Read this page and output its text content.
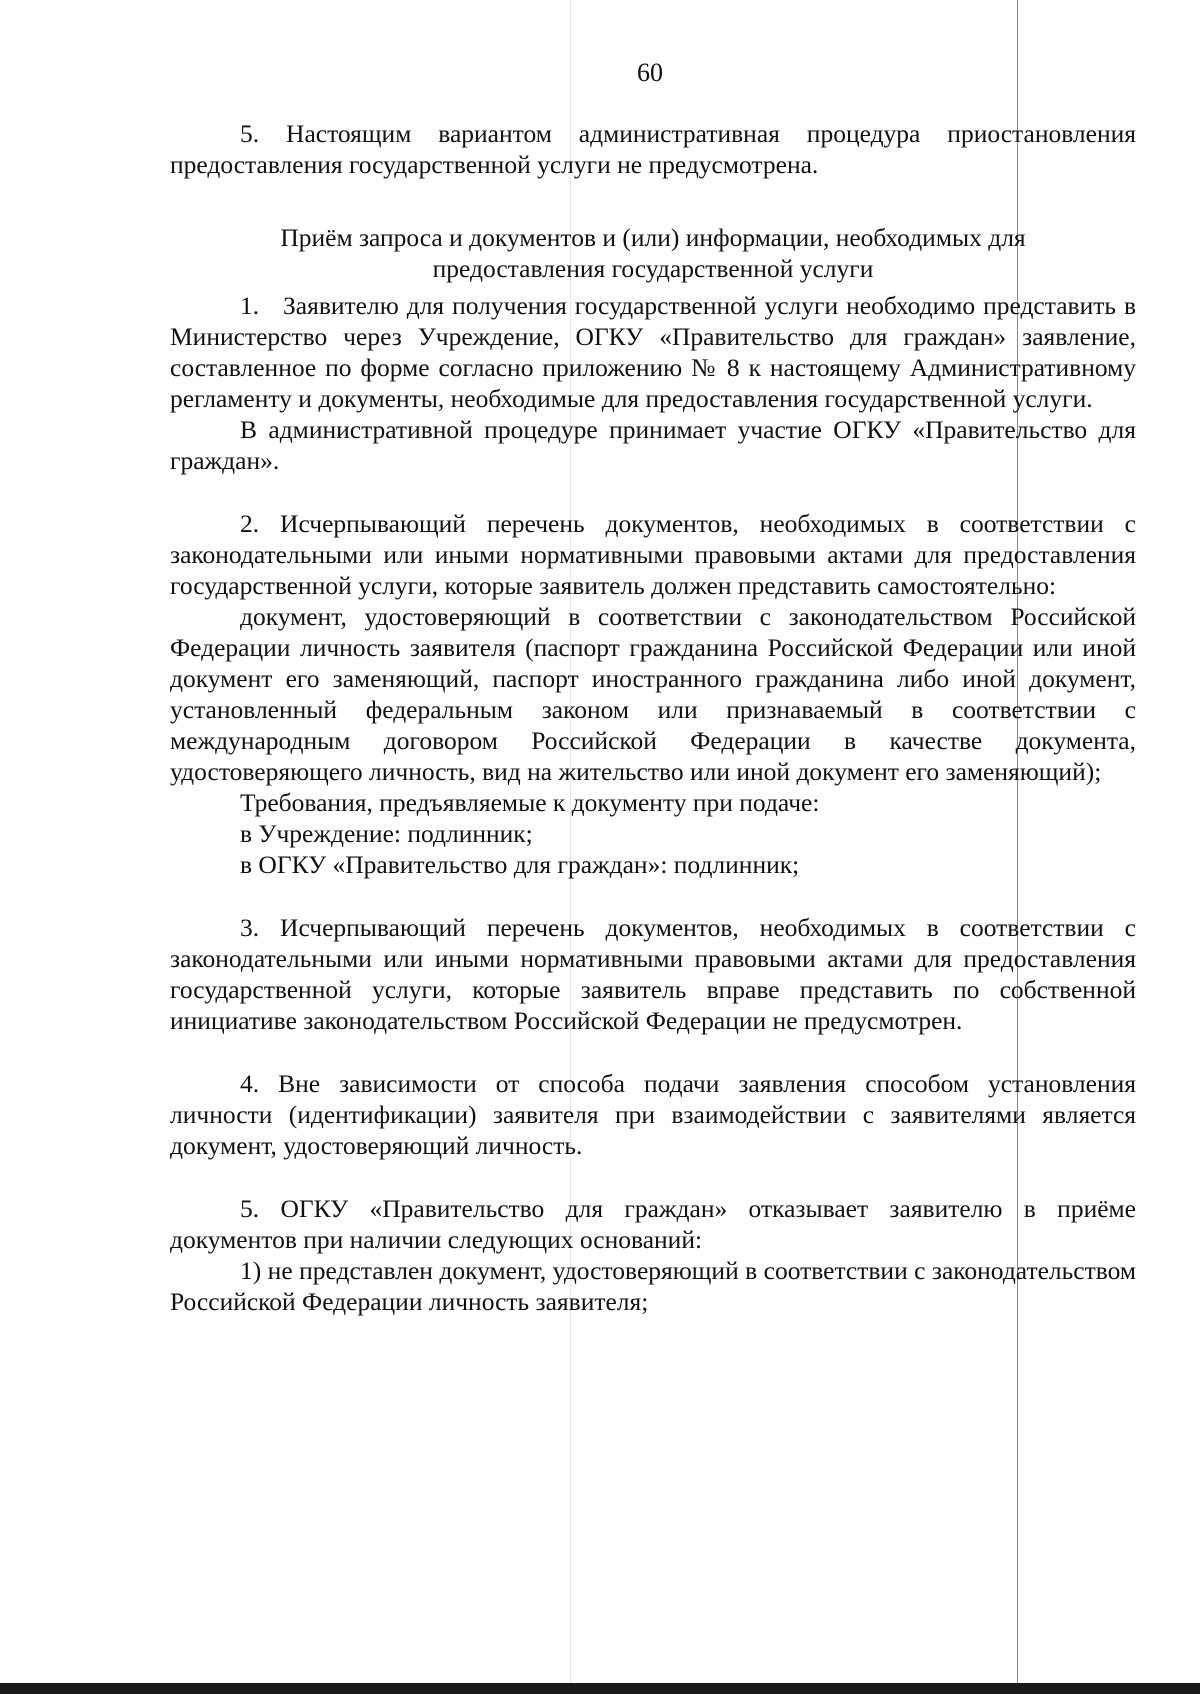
60

5. Настоящим вариантом административная процедура приостановления предоставления государственной услуги не предусмотрена.

Приём запроса и документов и (или) информации, необходимых для предоставления государственной услуги

1.   Заявителю для получения государственной услуги необходимо представить в Министерство через Учреждение, ОГКУ «Правительство для граждан» заявление, составленное по форме согласно приложению № 8 к настоящему Административному регламенту и документы, необходимые для предоставления государственной услуги.

В административной процедуре принимает участие ОГКУ «Правительство для граждан».

2. Исчерпывающий перечень документов, необходимых в соответствии с законодательными или иными нормативными правовыми актами для предоставления государственной услуги, которые заявитель должен представить самостоятельно:

документ, удостоверяющий в соответствии с законодательством Российской Федерации личность заявителя (паспорт гражданина Российской Федерации или иной документ его заменяющий, паспорт иностранного гражданина либо иной документ, установленный федеральным законом или признаваемый в соответствии с международным договором Российской Федерации в качестве документа, удостоверяющего личность, вид на жительство или иной документ его заменяющий);

Требования, предъявляемые к документу при подаче:

в Учреждение: подлинник;

в ОГКУ «Правительство для граждан»: подлинник;

3. Исчерпывающий перечень документов, необходимых в соответствии с законодательными или иными нормативными правовыми актами для предоставления государственной услуги, которые заявитель вправе представить по собственной инициативе законодательством Российской Федерации не предусмотрен.

4. Вне зависимости от способа подачи заявления способом установления личности (идентификации) заявителя при взаимодействии с заявителями является документ, удостоверяющий личность.

5. ОГКУ «Правительство для граждан» отказывает заявителю в приёме документов при наличии следующих оснований:

1) не представлен документ, удостоверяющий в соответствии с законодательством Российской Федерации личность заявителя;
